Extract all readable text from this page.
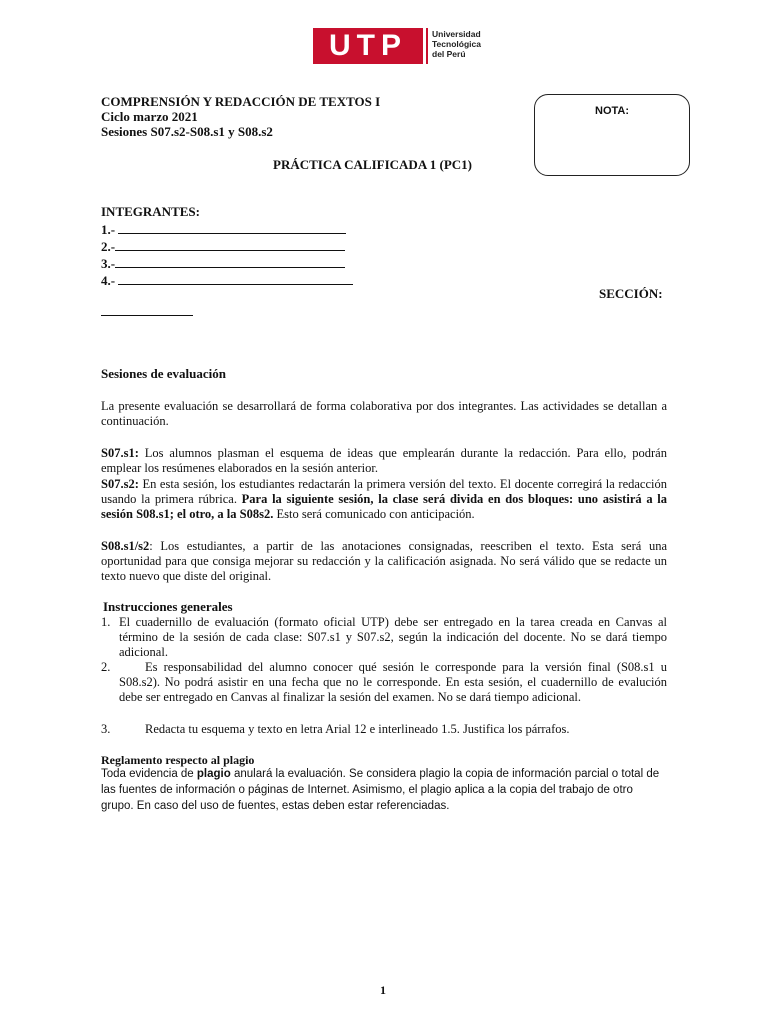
UTP	Universidad
Tecnológica
del Perú
COMPRENSIÓN Y REDACCIÓN DE TEXTOS I
Ciclo marzo 2021
Sesiones S07.s2-S08.s1 y S08.s2
NOTA:
PRÁCTICA CALIFICADA 1 (PC1)
INTEGRANTES:
1.-
2.-
3.-
4.-
SECCIÓN:
Sesiones de evaluación
La presente evaluación se desarrollará de forma colaborativa por dos integrantes. Las actividades se detallan a continuación.
S07.s1: Los alumnos plasman el esquema de ideas que emplearán durante la redacción. Para ello, podrán emplear los resúmenes elaborados en la sesión anterior.
S07.s2: En esta sesión, los estudiantes redactarán la primera versión del texto. El docente corregirá la redacción usando la primera rúbrica. Para la siguiente sesión, la clase será divida en dos bloques: uno asistirá a la sesión S08.s1; el otro, a la S08s2. Esto será comunicado con anticipación.
S08.s1/s2: Los estudiantes, a partir de las anotaciones consignadas, reescriben el texto. Esta será una oportunidad para que consiga mejorar su redacción y la calificación asignada. No será válido que se redacte un texto nuevo que diste del original.
Instrucciones generales
1. El cuadernillo de evaluación (formato oficial UTP) debe ser entregado en la tarea creada en Canvas al término de la sesión de cada clase: S07.s1 y S07.s2, según la indicación del docente. No se dará tiempo adicional.
2.	Es responsabilidad del alumno conocer qué sesión le corresponde para la versión final (S08.s1 u S08.s2). No podrá asistir en una fecha que no le corresponde. En esta sesión, el cuadernillo de evalución debe ser entregado en Canvas al finalizar la sesión del examen. No se dará tiempo adicional.
3.	Redacta tu esquema y texto en letra Arial 12 e interlineado 1.5. Justifica los párrafos.
Reglamento respecto al plagio
Toda evidencia de plagio anulará la evaluación. Se considera plagio la copia de información parcial o total de las fuentes de información o páginas de Internet. Asimismo, el plagio aplica a la copia del trabajo de otro grupo. En caso del uso de fuentes, estas deben estar referenciadas.
1
